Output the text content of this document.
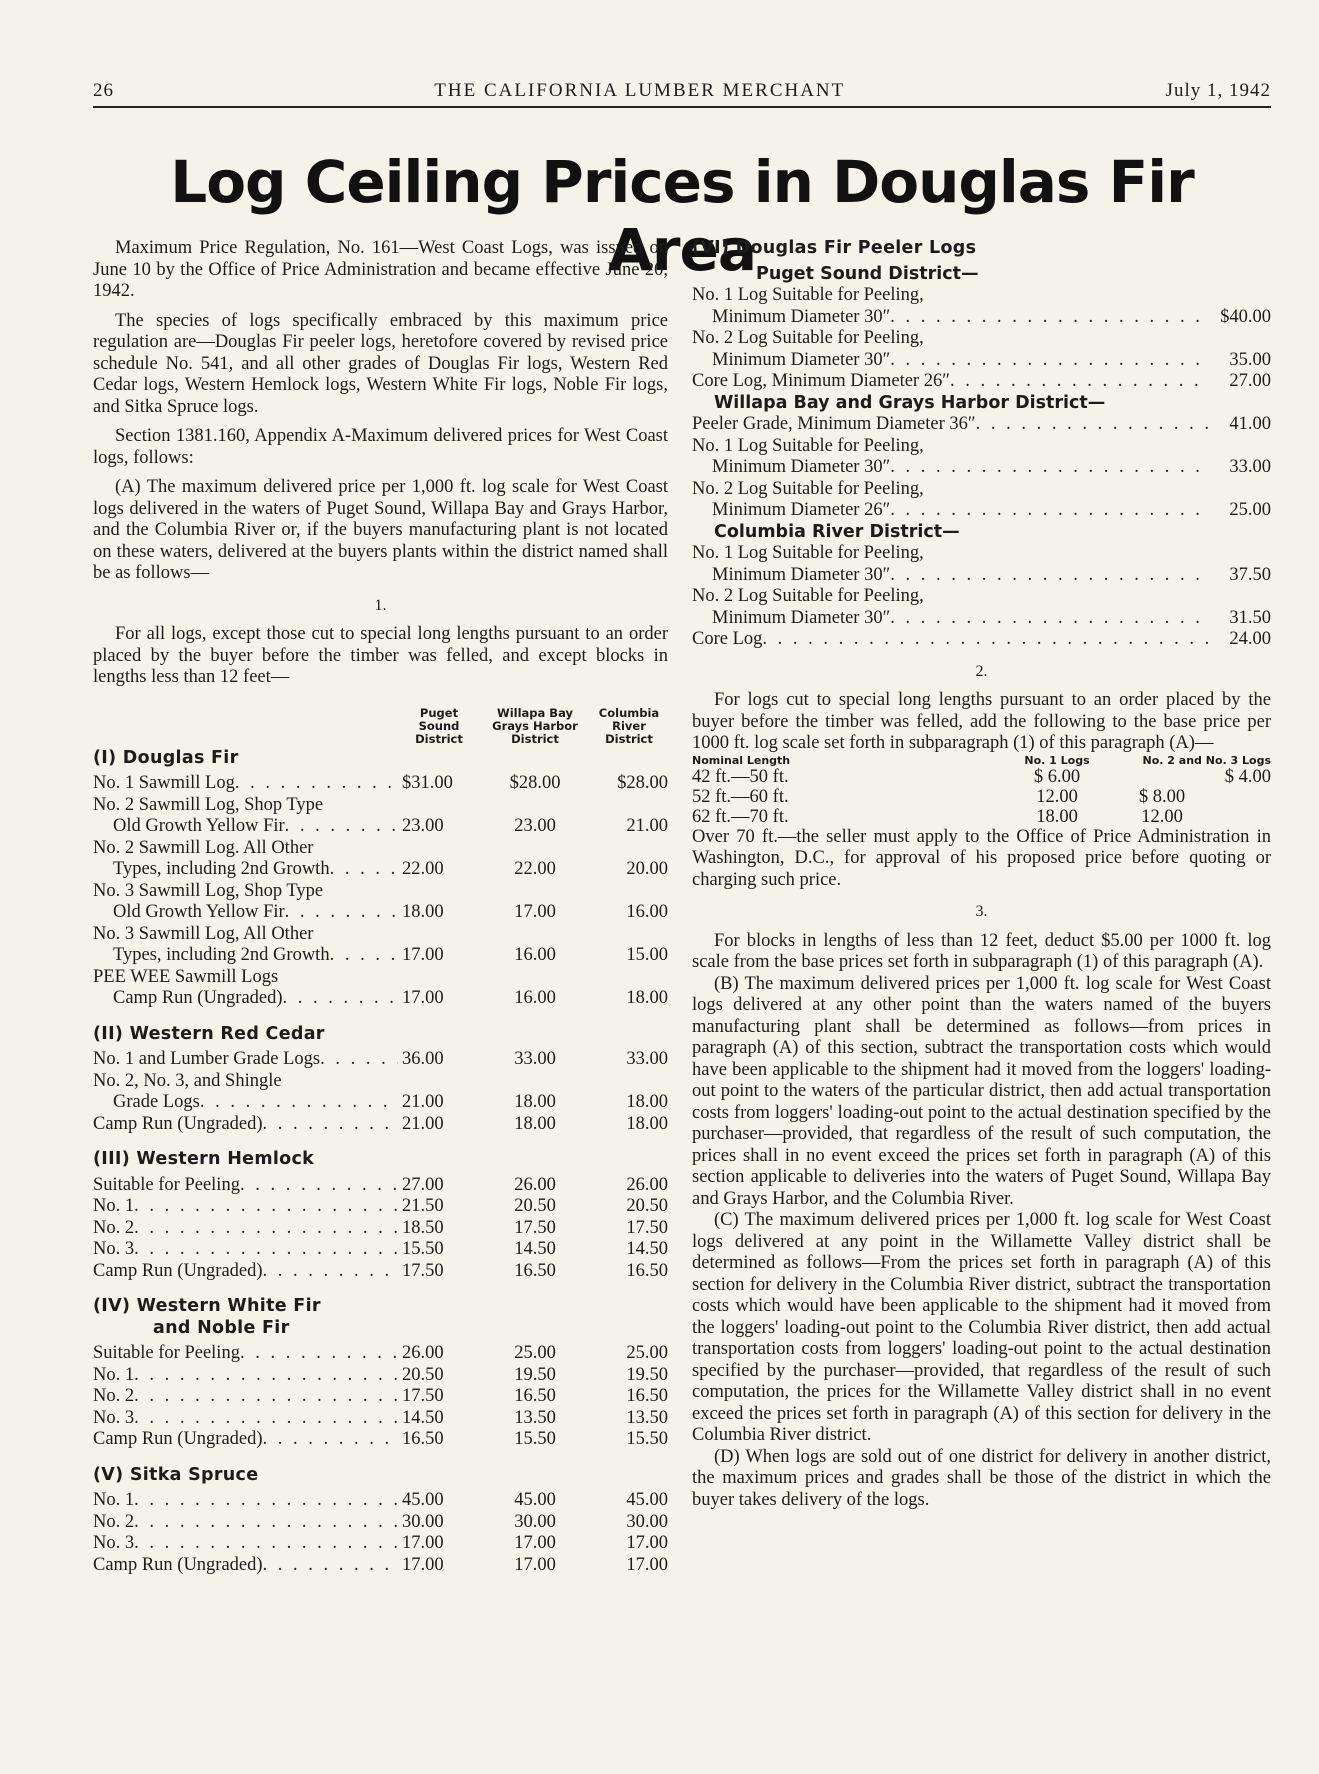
26	THE CALIFORNIA LUMBER MERCHANT	July 1, 1942
Log Ceiling Prices in Douglas Fir Area

Maximum Price Regulation, No. 161—West Coast Logs, was issued on June 10 by the Office of Price Administration and became effective June 20, 1942.

The species of logs specifically embraced by this maximum price regulation are—Douglas Fir peeler logs, heretofore covered by revised price schedule No. 541, and all other grades of Douglas Fir logs, Western Red Cedar logs, Western Hemlock logs, Western White Fir logs, Noble Fir logs, and Sitka Spruce logs.

Section 1381.160, Appendix A-Maximum delivered prices for West Coast logs, follows:

(A) The maximum delivered price per 1,000 ft. log scale for West Coast logs delivered in the waters of Puget Sound, Willapa Bay and Grays Harbor, and the Columbia River or, if the buyers manufacturing plant is not located on these waters, delivered at the buyers plants within the district named shall be as follows—

1.

For all logs, except those cut to special long lengths pursuant to an order placed by the buyer before the timber was felled, and except blocks in lengths less than 12 feet—

Puget
Sound
District
Willapa Bay
Grays Harbor
District
Columbia
River
District
(I) Douglas Fir
No. 1 Sawmill Log . . .	$31.00	$28.00	$28.00
No. 2 Sawmill Log, Shop Type
Old Growth Yellow Fir . . .	23.00	23.00	21.00
No. 2 Sawmill Log. All Other
Types, including 2nd Growth . . .	22.00	22.00	20.00
No. 3 Sawmill Log, Shop Type
Old Growth Yellow Fir . . .	18.00	17.00	16.00
No. 3 Sawmill Log, All Other
Types, including 2nd Growth . . .	17.00	16.00	15.00
PEE WEE Sawmill Logs
Camp Run (Ungraded) . . .	17.00	16.00	18.00
(II) Western Red Cedar
No. 1 and Lumber Grade Logs . . .	36.00	33.00	33.00
No. 2, No. 3, and Shingle
Grade Logs . . .	21.00	18.00	18.00
Camp Run (Ungraded) . . .	21.00	18.00	18.00
(III) Western Hemlock
Suitable for Peeling . . .	27.00	26.00	26.00
No. 1 . . .	21.50	20.50	20.50
No. 2 . . .	18.50	17.50	17.50
No. 3 . . .	15.50	14.50	14.50
Camp Run (Ungraded) . . .	17.50	16.50	16.50
(IV) Western White Fir
and Noble Fir
Suitable for Peeling . . .	26.00	25.00	25.00
No. 1 . . .	20.50	19.50	19.50
No. 2 . . .	17.50	16.50	16.50
No. 3 . . .	14.50	13.50	13.50
Camp Run (Ungraded) . . .	16.50	15.50	15.50
(V) Sitka Spruce
No. 1 . . .	45.00	45.00	45.00
No. 2 . . .	30.00	30.00	30.00
No. 3 . . .	17.00	17.00	17.00
Camp Run (Ungraded) . . .	17.00	17.00	17.00
(VI) Douglas Fir Peeler Logs
Puget Sound District—
No. 1 Log Suitable for Peeling,
Minimum Diameter 30″ . . .	$40.00
No. 2 Log Suitable for Peeling,
Minimum Diameter 30″ . . .	35.00
Core Log, Minimum Diameter 26″ . . .	27.00
Willapa Bay and Grays Harbor District—
Peeler Grade, Minimum Diameter 36″ . . .	41.00
No. 1 Log Suitable for Peeling,
Minimum Diameter 30″ . . .	33.00
No. 2 Log Suitable for Peeling,
Minimum Diameter 26″ . . .	25.00
Columbia River District—
No. 1 Log Suitable for Peeling,
Minimum Diameter 30″ . . .	37.50
No. 2 Log Suitable for Peeling,
Minimum Diameter 30″ . . .	31.50
Core Log . . .	24.00
2.

For logs cut to special long lengths pursuant to an order placed by the buyer before the timber was felled, add the following to the base price per 1000 ft. log scale set forth in subparagraph (1) of this paragraph (A)—

Nominal Length	No. 1 Logs	No. 2 and No. 3 Logs
42 ft.—50 ft.	$ 6.00	$ 4.00
52 ft.—60 ft.	12.00	$ 8.00
62 ft.—70 ft.	18.00	12.00

Over 70 ft.—the seller must apply to the Office of Price Administration in Washington, D.C., for approval of his proposed price before quoting or charging such price.

3.

For blocks in lengths of less than 12 feet, deduct $5.00 per 1000 ft. log scale from the base prices set forth in subparagraph (1) of this paragraph (A).

(B) The maximum delivered prices per 1,000 ft. log scale for West Coast logs delivered at any other point than the waters named of the buyers manufacturing plant shall be determined as follows—from prices in paragraph (A) of this section, subtract the transportation costs which would have been applicable to the shipment had it moved from the loggers' loading-out point to the waters of the particular district, then add actual transportation costs from loggers' loading-out point to the actual destination specified by the purchaser—provided, that regardless of the result of such computation, the prices shall in no event exceed the prices set forth in paragraph (A) of this section applicable to deliveries into the waters of Puget Sound, Willapa Bay and Grays Harbor, and the Columbia River.

(C) The maximum delivered prices per 1,000 ft. log scale for West Coast logs delivered at any point in the Willamette Valley district shall be determined as follows—From the prices set forth in paragraph (A) of this section for delivery in the Columbia River district, subtract the transportation costs which would have been applicable to the shipment had it moved from the loggers' loading-out point to the Columbia River district, then add actual transportation costs from loggers' loading-out point to the actual destination specified by the purchaser—provided, that regardless of the result of such computation, the prices for the Willamette Valley district shall in no event exceed the prices set forth in paragraph (A) of this section for delivery in the Columbia River district.

(D) When logs are sold out of one district for delivery in another district, the maximum prices and grades shall be those of the district in which the buyer takes delivery of the logs.
